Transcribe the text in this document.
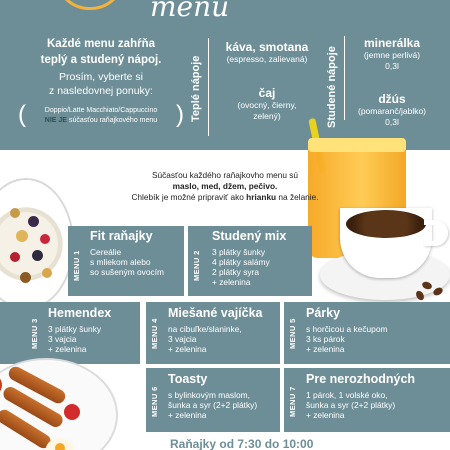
menu
Každé menu zahŕňa
teplý a studený nápoj.
Prosím, vyberte si
z nasledovnej ponuky:
(	Doppio/Latte Macchiato/Cappuccino
NIE JE súčasťou raňajkového menu ) Teplé nápoje
káva, smotana
(espresso, zalievaná)
čaj
(ovocný, čierny,
zelený)	Studené nápoje
minerálka
(jemne perlivá)
0,3l
džús
(pomaranč/jablko)
0,3l
Súčasťou každého raňajkovho menu sú
maslo, med, džem, pečivo.
Chlebík je možné pripraviť ako hrianku na želanie.
MENU 1
Fit raňajky
Cereálie
s mliekom alebo
so sušeným ovocím	MENU 2
Studený mix
3 plátky šunky
4 plátky salámy
2 plátky syra
+ zelenina
MENU 3
Hemendex
3 plátky šunky
3 vajcia
+ zelenina	MENU 4
Miešané vajíčka
na cibuľke/slaninke,
3 vajcia
+ zelenina	MENU 5
Párky
s horčicou a kečupom
3 ks párok
+ zelenina
MENU 6
Toasty
s bylinkovým maslom,
šunka a syr (2+2 plátky)
+ zelenina	MENU 7
Pre nerozhodných
1 párok, 1 volské oko,
šunka a syr (2+2 plátky)
+ zelenina
Raňajky od 7:30 do 10:00
